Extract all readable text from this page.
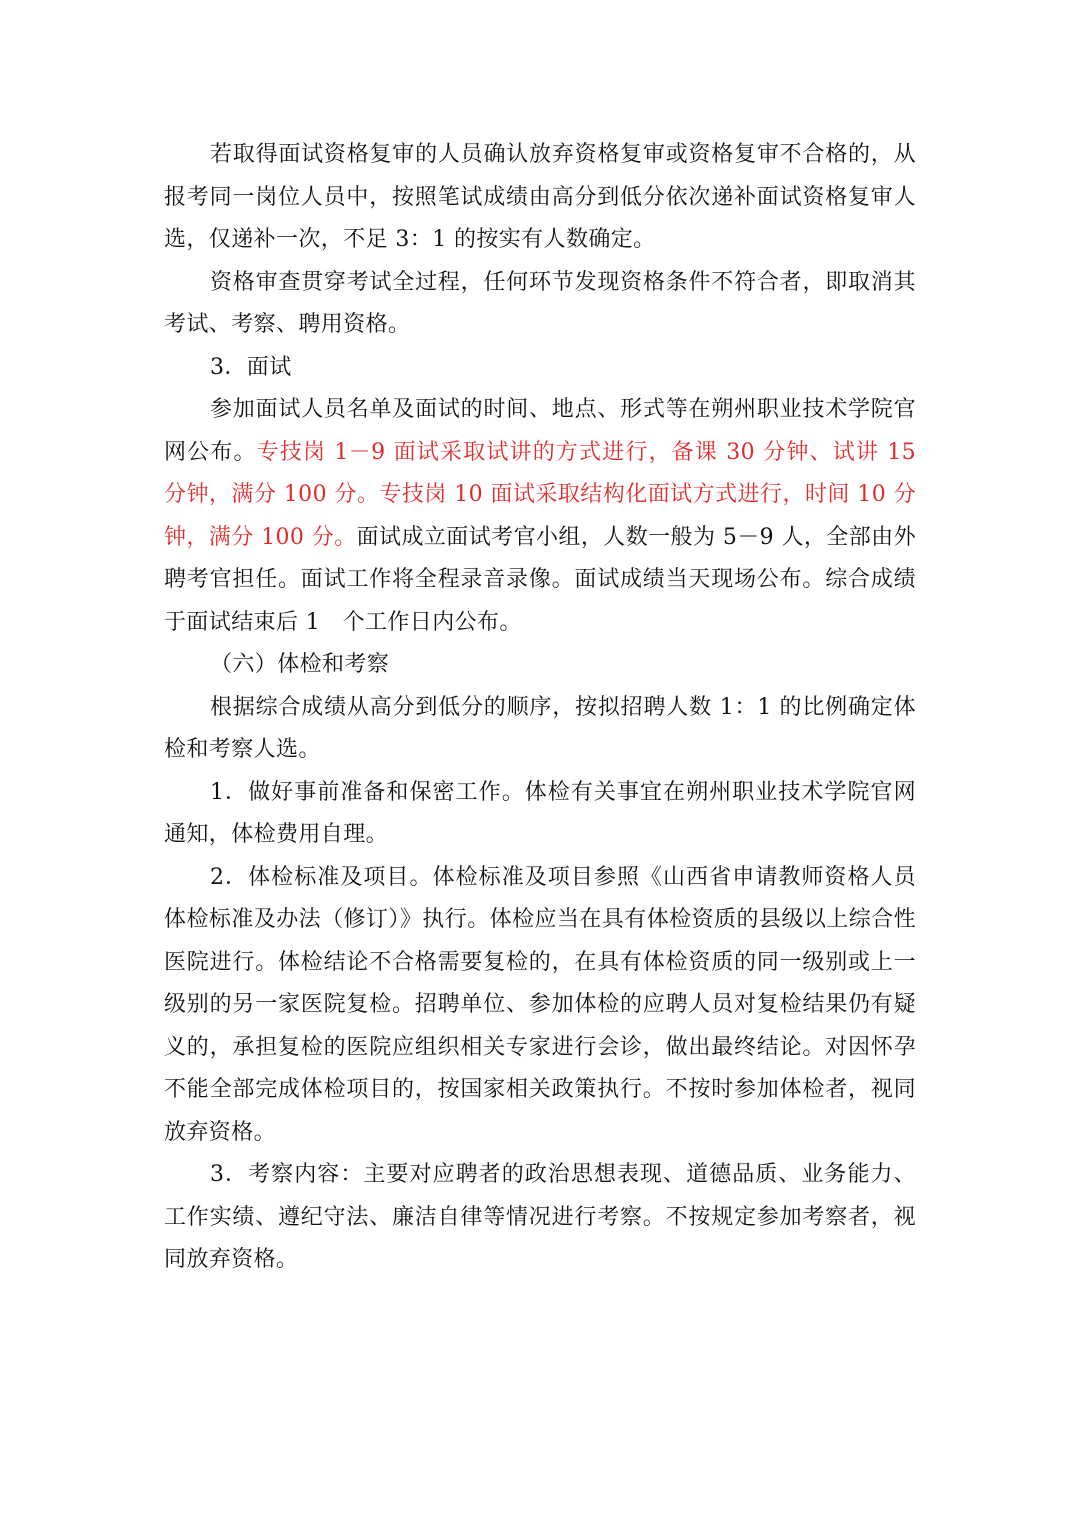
若取得面试资格复审的人员确认放弃资格复审或资格复审不合格的，从报考同一岗位人员中，按照笔试成绩由高分到低分依次递补面试资格复审人选，仅递补一次，不足 3：1 的按实有人数确定。

资格审查贯穿考试全过程，任何环节发现资格条件不符合者，即取消其考试、考察、聘用资格。

3．面试

参加面试人员名单及面试的时间、地点、形式等在朔州职业技术学院官网公布。专技岗 1－9 面试采取试讲的方式进行，备课 30 分钟、试讲 15 分钟，满分 100 分。专技岗 10 面试采取结构化面试方式进行，时间 10 分钟，满分 100 分。面试成立面试考官小组，人数一般为 5－9 人，全部由外聘考官担任。面试工作将全程录音录像。面试成绩当天现场公布。综合成绩于面试结束后 1　个工作日内公布。

（六）体检和考察

根据综合成绩从高分到低分的顺序，按拟招聘人数 1：1 的比例确定体检和考察人选。

1．做好事前准备和保密工作。体检有关事宜在朔州职业技术学院官网通知，体检费用自理。

2．体检标准及项目。体检标准及项目参照《山西省申请教师资格人员体检标准及办法（修订）》执行。体检应当在具有体检资质的县级以上综合性医院进行。体检结论不合格需要复检的，在具有体检资质的同一级别或上一级别的另一家医院复检。招聘单位、参加体检的应聘人员对复检结果仍有疑义的，承担复检的医院应组织相关专家进行会诊，做出最终结论。对因怀孕不能全部完成体检项目的，按国家相关政策执行。不按时参加体检者，视同放弃资格。

3．考察内容：主要对应聘者的政治思想表现、道德品质、业务能力、工作实绩、遵纪守法、廉洁自律等情况进行考察。不按规定参加考察者，视同放弃资格。
